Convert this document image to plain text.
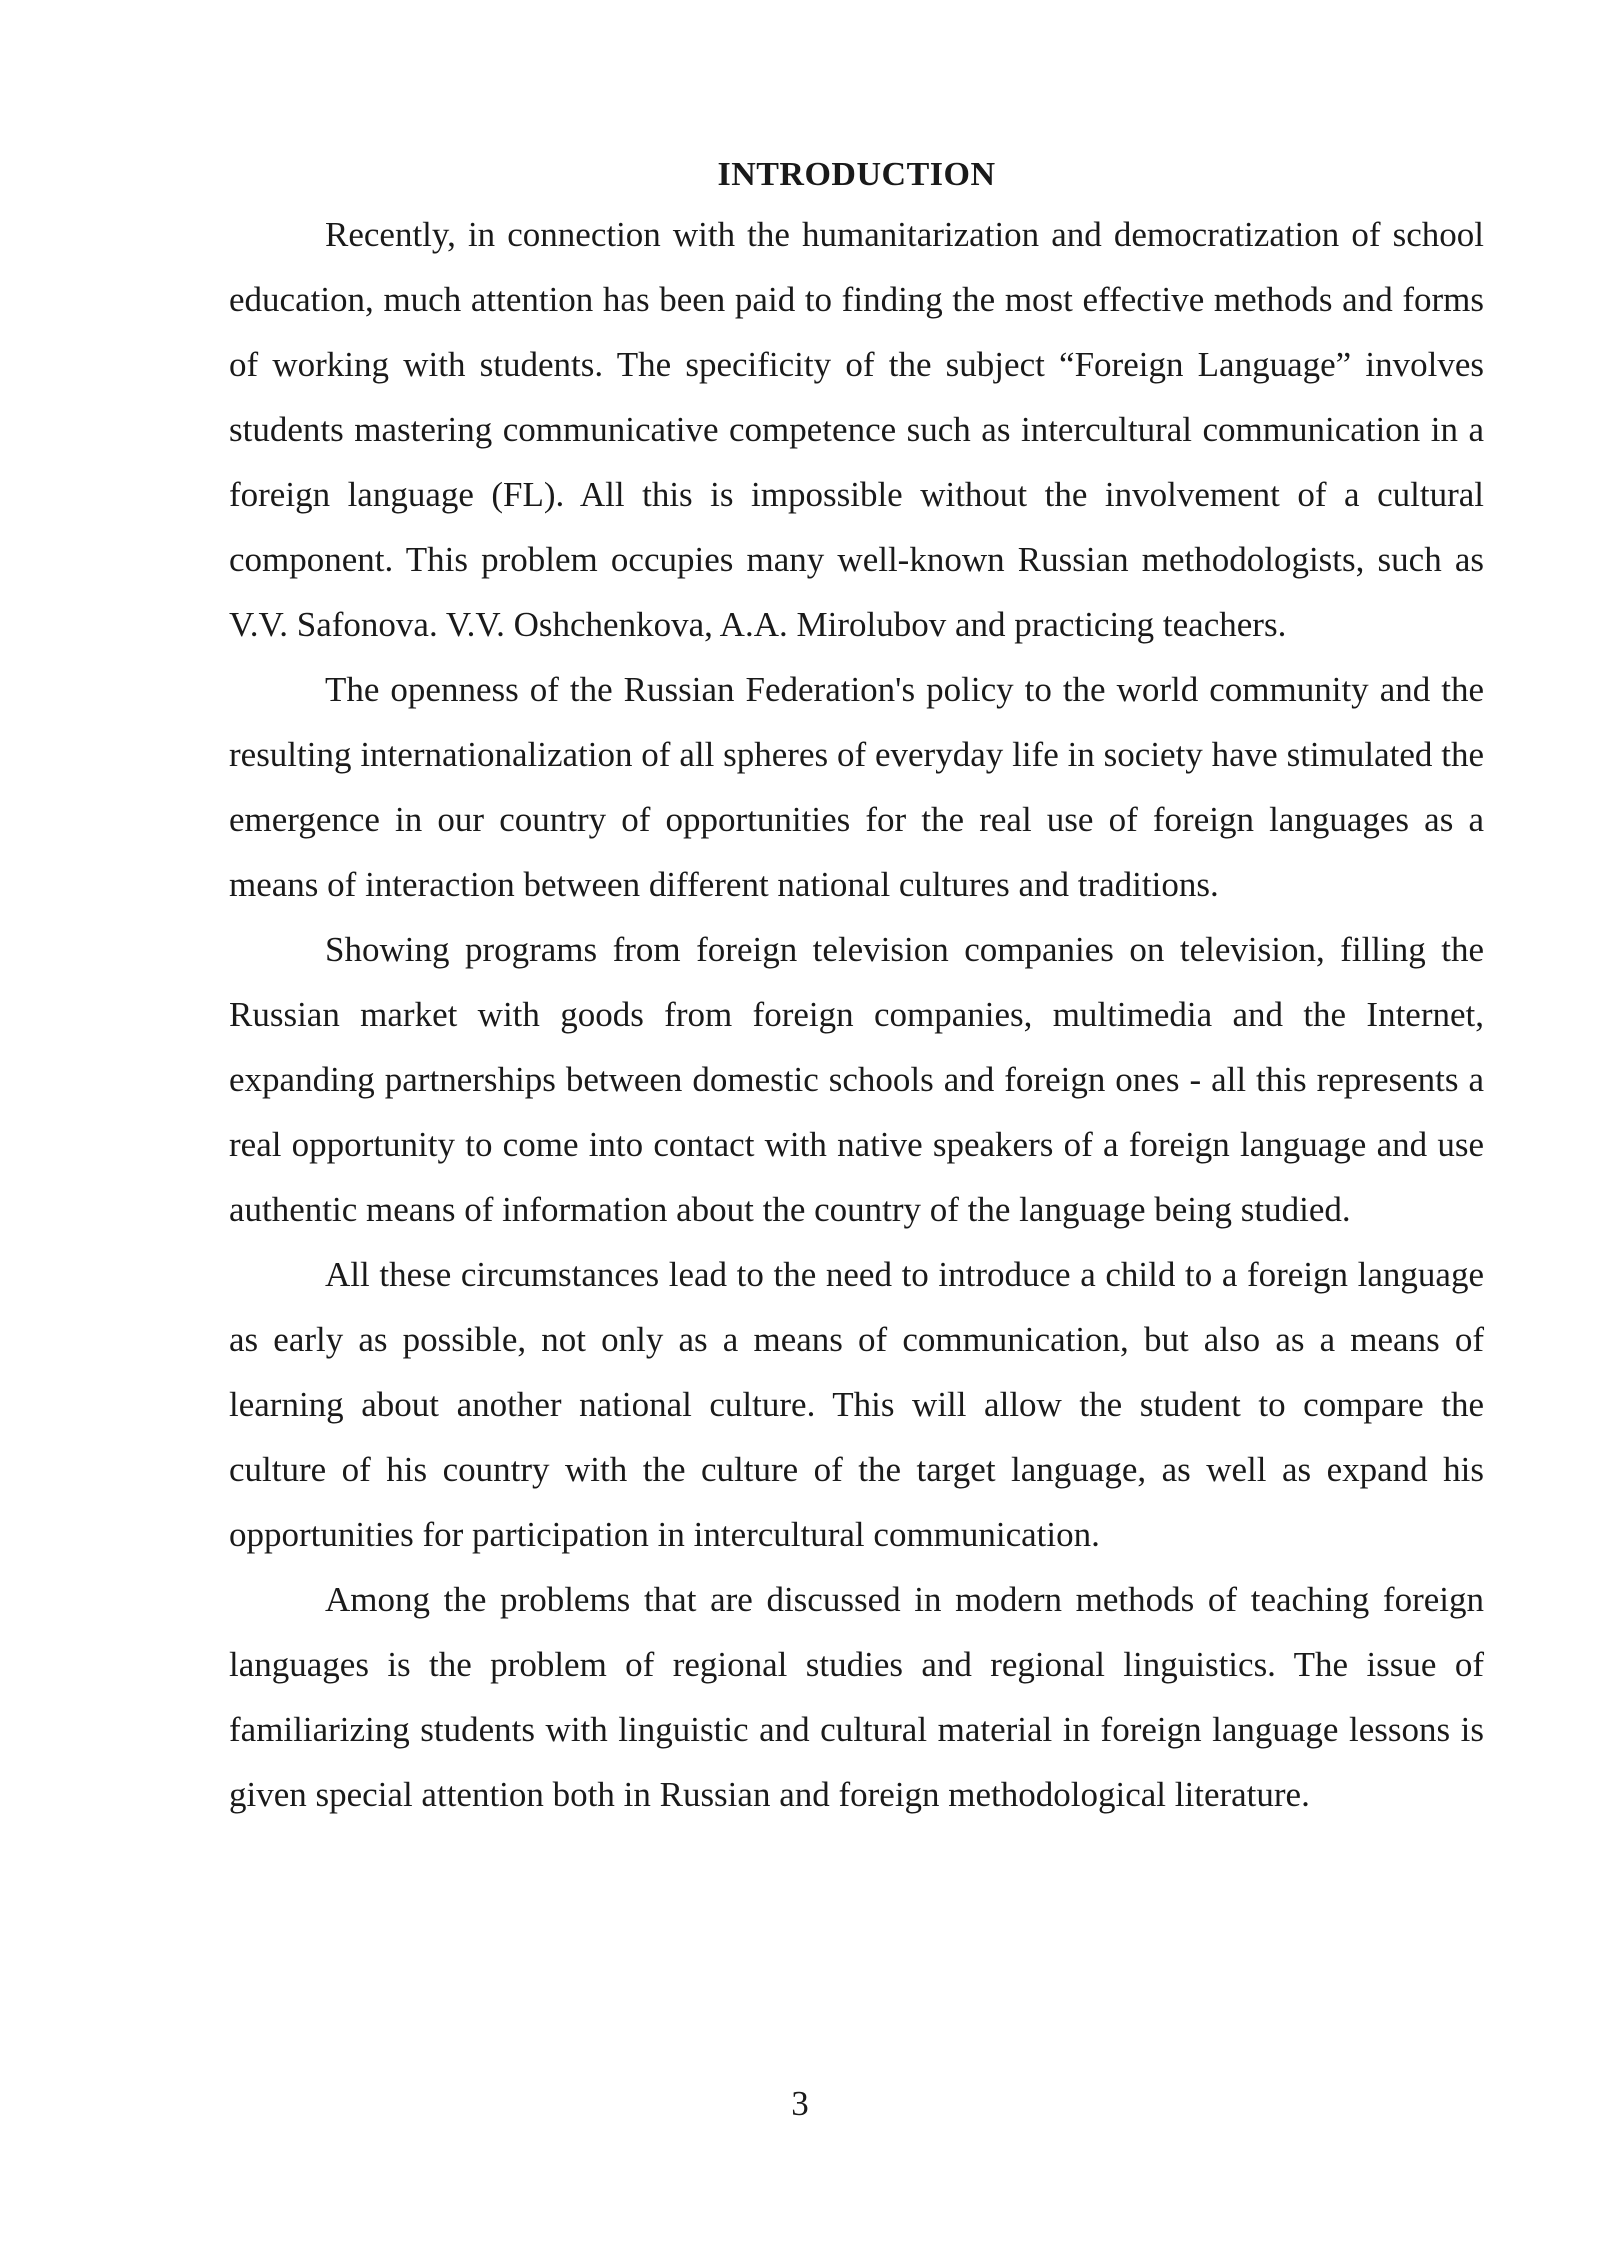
INTRODUCTION

Recently, in connection with the humanitarization and democratization of school education, much attention has been paid to finding the most effective methods and forms of working with students. The specificity of the subject “Foreign Language” involves students mastering communicative competence such as intercultural communication in a foreign language (FL). All this is impossible without the involvement of a cultural component. This problem occupies many well-known Russian methodologists, such as V.V. Safonova. V.V. Oshchenkova, A.A. Mirolubov and practicing teachers.

The openness of the Russian Federation's policy to the world community and the resulting internationalization of all spheres of everyday life in society have stimulated the emergence in our country of opportunities for the real use of foreign languages as a means of interaction between different national cultures and traditions.

Showing programs from foreign television companies on television, filling the Russian market with goods from foreign companies, multimedia and the Internet, expanding partnerships between domestic schools and foreign ones - all this represents a real opportunity to come into contact with native speakers of a foreign language and use authentic means of information about the country of the language being studied.

All these circumstances lead to the need to introduce a child to a foreign language as early as possible, not only as a means of communication, but also as a means of learning about another national culture. This will allow the student to compare the culture of his country with the culture of the target language, as well as expand his opportunities for participation in intercultural communication.

Among the problems that are discussed in modern methods of teaching foreign languages is the problem of regional studies and regional linguistics. The issue of familiarizing students with linguistic and cultural material in foreign language lessons is given special attention both in Russian and foreign methodological literature.

3
